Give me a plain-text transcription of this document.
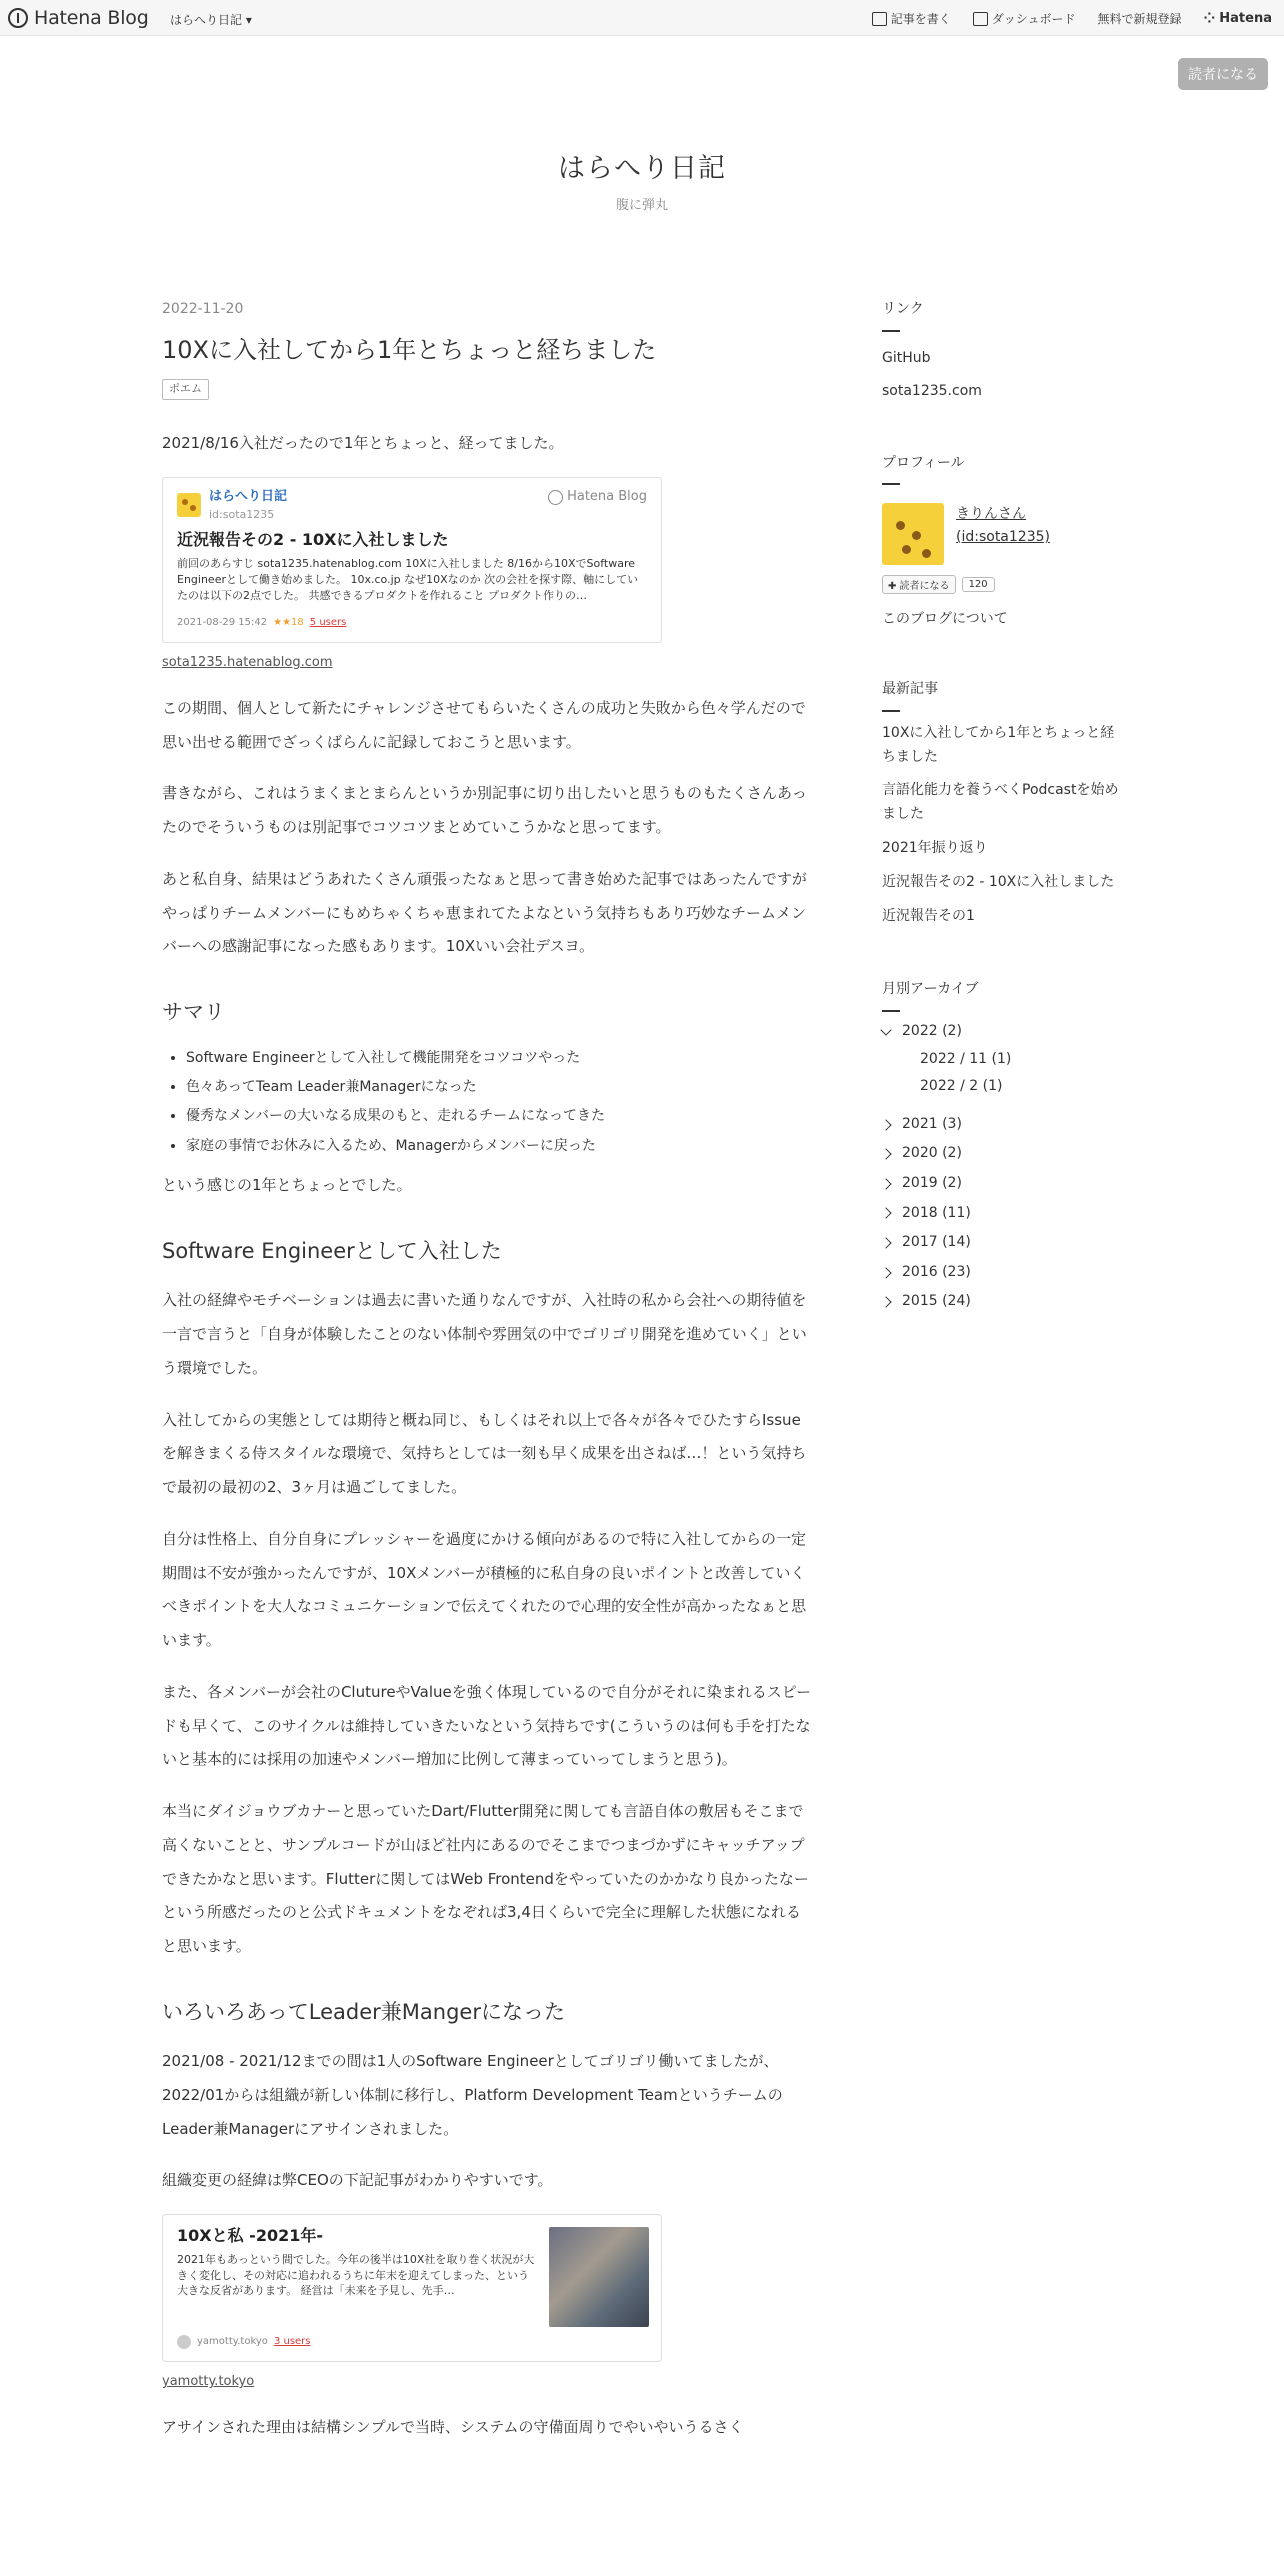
Hatena Blog はらへり日記 ▾	記事を書く	ダッシュボード 無料で新規登録 ⁘ Hatena
読者になる
はらへり日記
腹に弾丸
2022-11-20
10Xに入社してから1年とちょっと経ちました
ポエム

2021/8/16入社だったので1年とちょっと、経ってました。

はらへり日記
id:sota1235
Hatena Blog
近況報告その2 - 10Xに入社しました
前回のあらすじ sota1235.hatenablog.com 10Xに入社しました 8/16から10XでSoftware Engineerとして働き始めました。 10x.co.jp なぜ10Xなのか 次の会社を探す際、軸にしていたのは以下の2点でした。 共感できるプロダクトを作れること プロダクト作りの…
2021-08-29 15:42 ★★18 5 users
sota1235.hatenablog.com

この期間、個人として新たにチャレンジさせてもらいたくさんの成功と失敗から色々学んだので思い出せる範囲でざっくばらんに記録しておこうと思います。

書きながら、これはうまくまとまらんというか別記事に切り出したいと思うものもたくさんあったのでそういうものは別記事でコツコツまとめていこうかなと思ってます。

あと私自身、結果はどうあれたくさん頑張ったなぁと思って書き始めた記事ではあったんですがやっぱりチームメンバーにもめちゃくちゃ恵まれてたよなという気持ちもあり巧妙なチームメンバーへの感謝記事になった感もあります。10Xいい会社デスヨ。

サマリ
• Software Engineerとして入社して機能開発をコツコツやった
• 色々あってTeam Leader兼Managerになった
• 優秀なメンバーの大いなる成果のもと、走れるチームになってきた
• 家庭の事情でお休みに入るため、Managerからメンバーに戻った

という感じの1年とちょっとでした。

Software Engineerとして入社した

入社の経緯やモチベーションは過去に書いた通りなんですが、入社時の私から会社への期待値を一言で言うと「自身が体験したことのない体制や雰囲気の中でゴリゴリ開発を進めていく」という環境でした。

入社してからの実態としては期待と概ね同じ、もしくはそれ以上で各々が各々でひたすらIssueを解きまくる侍スタイルな環境で、気持ちとしては一刻も早く成果を出さねば…！という気持ちで最初の最初の2、3ヶ月は過ごしてました。

自分は性格上、自分自身にプレッシャーを過度にかける傾向があるので特に入社してからの一定期間は不安が強かったんですが、10Xメンバーが積極的に私自身の良いポイントと改善していくべきポイントを大人なコミュニケーションで伝えてくれたので心理的安全性が高かったなぁと思います。

また、各メンバーが会社のClutureやValueを強く体現しているので自分がそれに染まれるスピードも早くて、このサイクルは維持していきたいなという気持ちです(こういうのは何も手を打たないと基本的には採用の加速やメンバー増加に比例して薄まっていってしまうと思う)。

本当にダイジョウブカナーと思っていたDart/Flutter開発に関しても言語自体の敷居もそこまで高くないことと、サンプルコードが山ほど社内にあるのでそこまでつまづかずにキャッチアップできたかなと思います。Flutterに関してはWeb Frontendをやっていたのかかなり良かったなーという所感だったのと公式ドキュメントをなぞれば3,4日くらいで完全に理解した状態になれると思います。

いろいろあってLeader兼Mangerになった

2021/08 - 2021/12までの間は1人のSoftware Engineerとしてゴリゴリ働いてましたが、2022/01からは組織が新しい体制に移行し、Platform Development TeamというチームのLeader兼Managerにアサインされました。

組織変更の経緯は弊CEOの下記記事がわかりやすいです。

10Xと私 -2021年-
2021年もあっという間でした。今年の後半は10X社を取り巻く状況が大きく変化し、その対応に追われるうちに年末を迎えてしまった、という大きな反省があります。 経営は「未来を予見し、先手…
yamotty.tokyo 3 users
yamotty.tokyo

アサインされた理由は結構シンプルで当時、システムの守備面周りでやいやいうるさく

リンク
GitHub
sota1235.com
プロフィール
きりんさん
(id:sota1235)
✚ 読者になる	120
このブログについて
最新記事
10Xに入社してから1年とちょっと経ちました
言語化能力を養うべくPodcastを始めました
2021年振り返り
近況報告その2 - 10Xに入社しました
近況報告その1
月別アーカイブ
2022 (2)
2022 / 11 (1)
2022 / 2 (1)
2021 (3)
2020 (2)
2019 (2)
2018 (11)
2017 (14)
2016 (23)
2015 (24)
